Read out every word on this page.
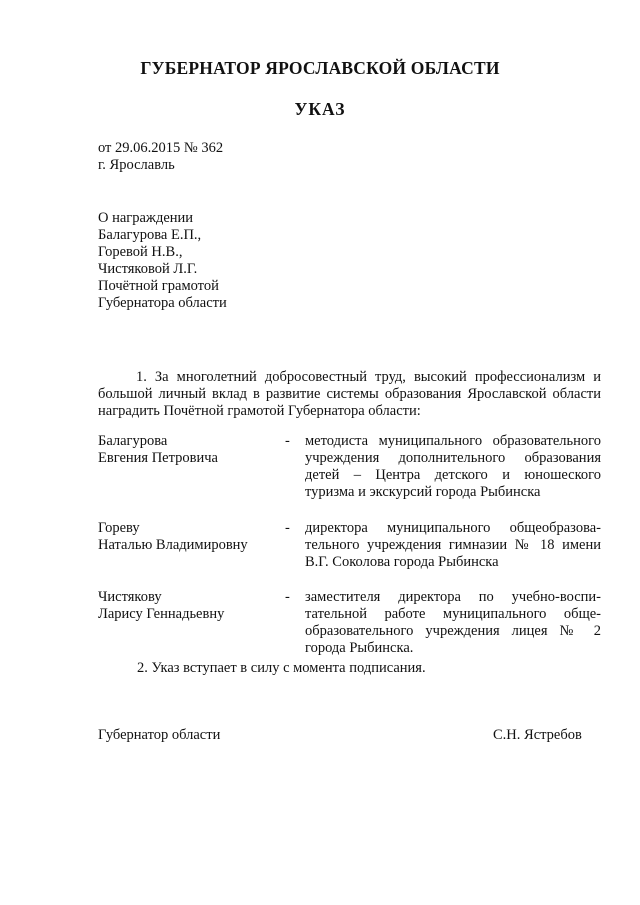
ГУБЕРНАТОР ЯРОСЛАВСКОЙ ОБЛАСТИ
УКАЗ
от 29.06.2015 № 362
г. Ярославль
О награждении
Балагурова Е.П.,
Горевой Н.В.,
Чистяковой Л.Г.
Почётной грамотой
Губернатора области
1. За многолетний добросовестный труд, высокий профессионализм и большой личный вклад в развитие системы образования Ярославской области наградить Почётной грамотой Губернатора области:
Балагурова
Евгения Петровича
- методиста муниципального образовательного
учреждения дополнительного образования
детей – Центра детского и юношеского
туризма и экскурсий города Рыбинска
Гореву
Наталью Владимировну
- директора муниципального общеобразова-
тельного учреждения гимназии № 18 имени
В.Г. Соколова города Рыбинска
Чистякову
Ларису Геннадьевну
- заместителя директора по учебно-воспи-
тательной работе муниципального обще-
образовательного учреждения лицея № 2
города Рыбинска.
2. Указ вступает в силу с момента подписания.
Губернатор области	С.Н. Ястребов
